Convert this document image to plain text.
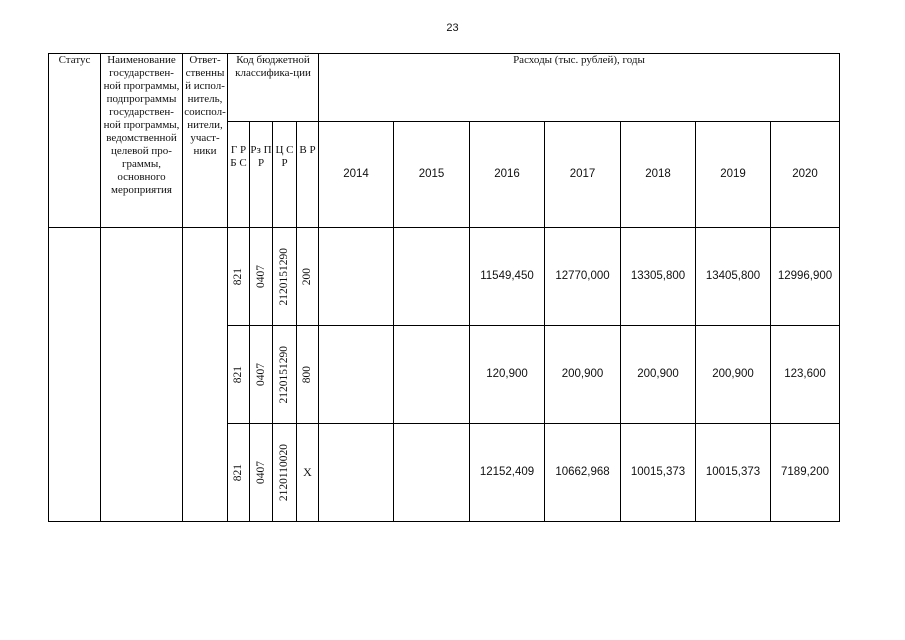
23
Статус	Наименование государствен-ной программы, подпрограммы государствен-ной программы, ведомственной целевой про-граммы, основного мероприятия	Ответ-ственны й испол-нитель, соиспол-нители, участ-ники	Код бюджетной классифика-ции				Расходы (тыс. рублей), годы						
			Г Р Б С	Рз П Р	Ц С Р	В Р	2014	2015	2016	2017	2018	2019	2020

			821	0407	2120151290	200			11549,450	12770,000	13305,800	13405,800	12996,900

			821	0407	2120151290	800			120,900	200,900	200,900	200,900	123,600

			821	0407	2120110020	X			12152,409	10662,968	10015,373	10015,373	7189,200
